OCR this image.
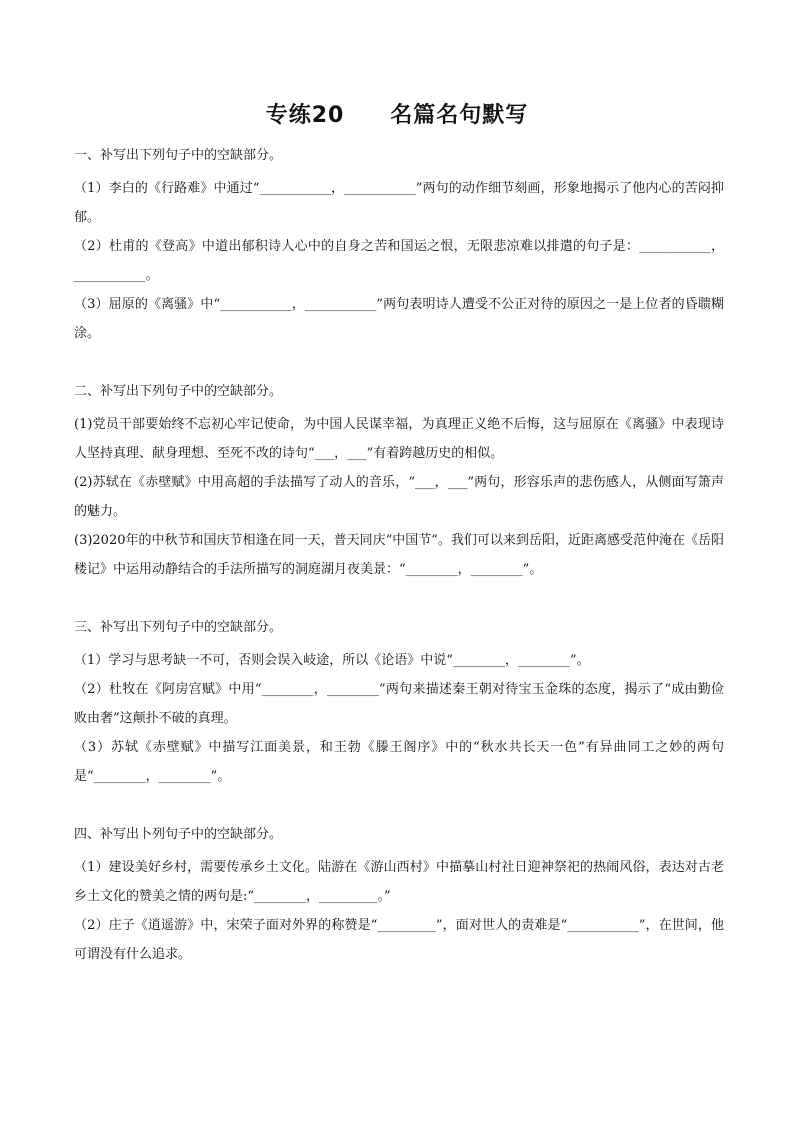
专练20　　名篇名句默写

一、补写出下列句子中的空缺部分。

（1）李白的《行路难》中通过“___________，___________”两句的动作细节刻画，形象地揭示了他内心的苦闷抑郁。

（2）杜甫的《登高》中道出郁积诗人心中的自身之苦和国运之恨，无限悲凉难以排遣的句子是：___________，___________。

（3）屈原的《离骚》中“___________，___________”两句表明诗人遭受不公正对待的原因之一是上位者的昏聩糊涂。

二、补写出下列句子中的空缺部分。

(1)党员干部要始终不忘初心牢记使命，为中国人民谋幸福，为真理正义绝不后悔，这与屈原在《离骚》中表现诗人坚持真理、献身理想、至死不改的诗句“___，___”有着跨越历史的相似。

(2)苏轼在《赤壁赋》中用高超的手法描写了动人的音乐，“___，___”两句，形容乐声的悲伤感人，从侧面写箫声的魅力。

(3)2020年的中秋节和国庆节相逢在同一天，普天同庆“中国节”。我们可以来到岳阳，近距离感受范仲淹在《岳阳楼记》中运用动静结合的手法所描写的洞庭湖月夜美景：“________，________”。

三、补写出下列句子中的空缺部分。

（1）学习与思考缺一不可，否则会误入岐途，所以《论语》中说“________，________”。

（2）杜牧在《阿房宫赋》中用“________，________”两句来描述秦王朝对待宝玉金珠的态度，揭示了“成由勤俭败由奢”这颠扑不破的真理。

（3）苏轼《赤壁赋》中描写江面美景，和王勃《滕王阁序》中的“秋水共长天一色”有异曲同工之妙的两句是“________，________”。

四、补写出卜列句子中的空缺部分。

（1）建设美好乡村，需要传承乡土文化。陆游在《游山西村》中描摹山村社日迎神祭祀的热闹风俗，表达对古老乡土文化的赞美之情的两句是:“________，_________。”

（2）庄子《逍遥游》中，宋荣子面对外界的称赞是“_________”，面对世人的责难是“___________”，在世间，他可谓没有什么追求。
